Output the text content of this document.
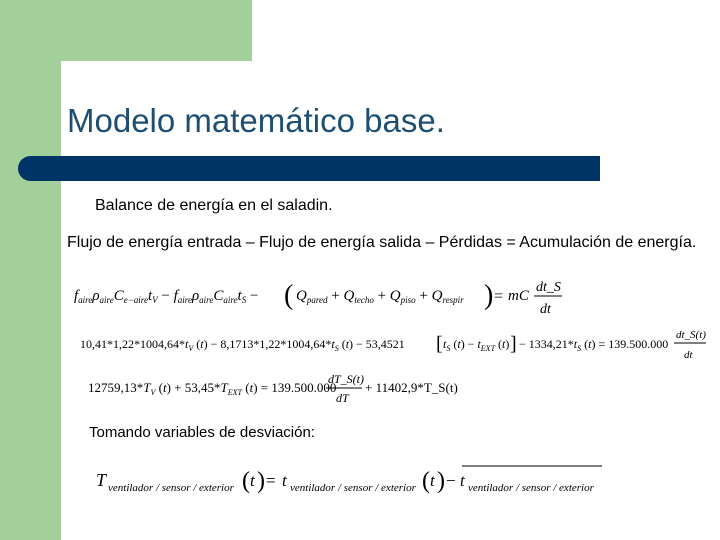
Modelo matemático base.
Balance de energía en el saladin.
Flujo de energía entrada – Flujo de energía salida – Pérdidas = Acumulación de energía.
$f_{aire}\rho_{aire}C_{e-aire}t_V - f_{aire}\rho_{aire}C_{aire}t_S$ − ( $Q_{pared} + Q_{techo} + Q_{piso} + Q_{respir}$ ) = mC
dt_S
dt
$10,41*1,22*1004,64*t_V$ $(t) - 8,1713*1,22*1004,64*t_S$ (t) − 53,4521 [ $t_S$ $(t) - t_{EXT}$ (t) ] − $1334,21*t_S$ (t) = 139.500.000
dt_S(t)
dt
$12759,13*T_V$ $(t) + 53,45*T_{EXT}$ (t) = 139.500.000
dT_S(t)
dT
+ 11402,9*T_S(t)
Tomando variables de desviación:
T ventilador / sensor / exterior ( t ) = t ventilador / sensor / exterior ( t ) − t ventilador / sensor / exterior
